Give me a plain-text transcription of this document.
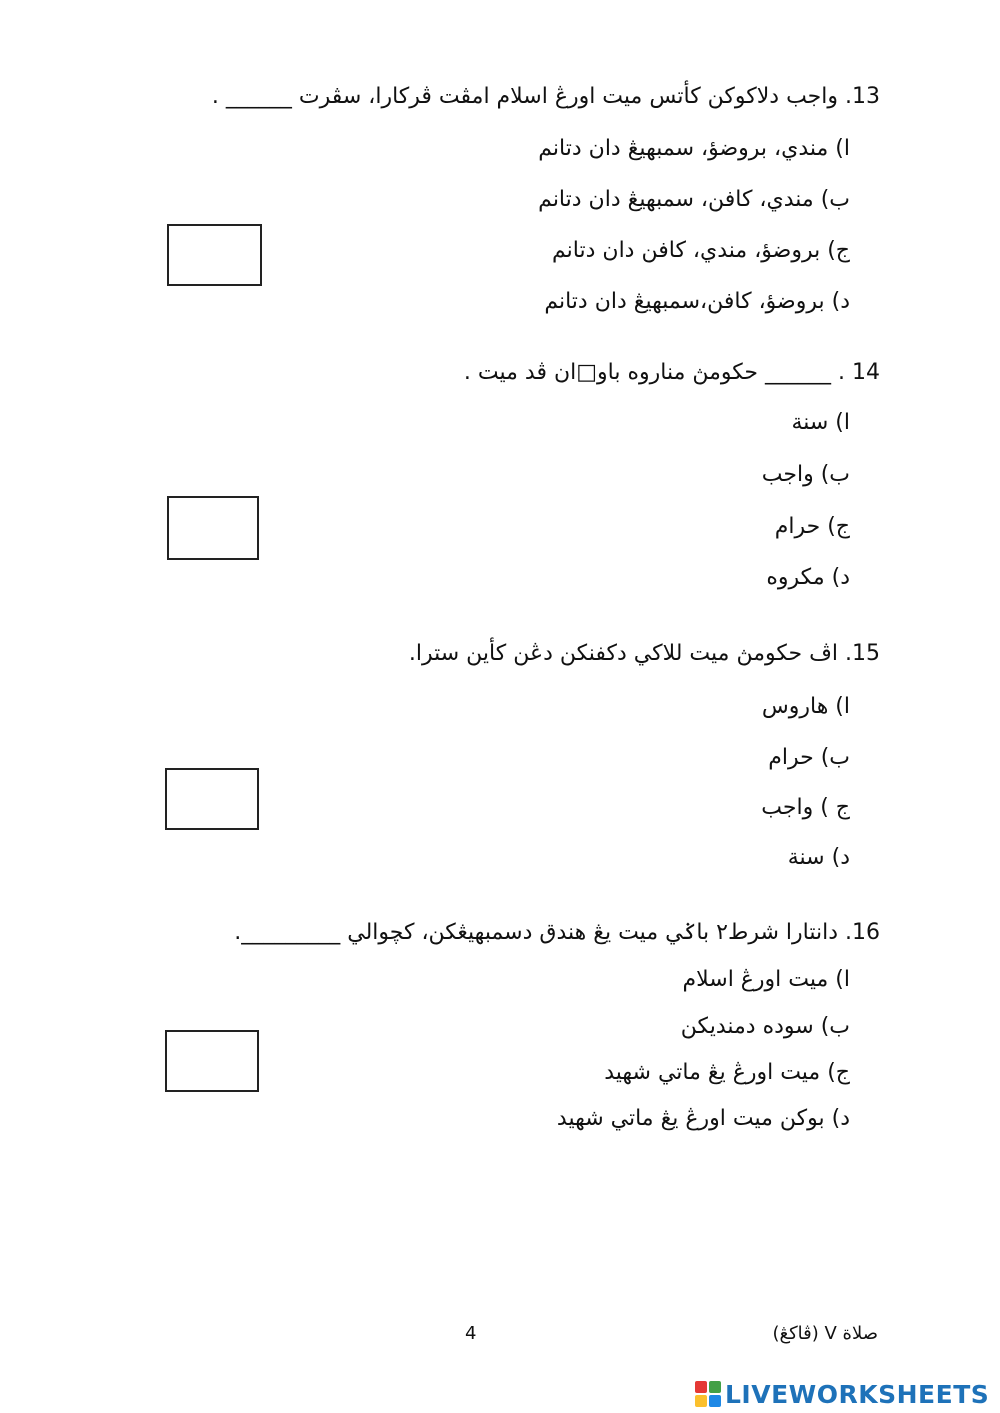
13. واجب دلاكوكن كأتس ميت اورڠ اسلام امڤت ڤركارا، سڤرت ______ .
ا) مندي، بروضؤ، سمبهيڠ دان دتانم
ب) مندي، كافن، سمبهيڠ دان دتانم
ج) بروضؤ، مندي، كافن دان دتانم
د) بروضؤ، كافن،سمبهيڠ دان دتانم
14 . ______ حكومڽ مناروه باو□ان ڤد ميت .
ا) سنة
ب) واجب
ج) حرام
د) مكروه
15. اڤ حكومڽ ميت للاكي دكفنكن دڠن كأين سترا.
ا) هاروس
ب) حرام
ج ) واجب
د) سنة
16. دانتارا شرط٢ باݢي ميت يڠ هندق دسمبهيڠكن، كچوالي _________.
ا) ميت اورڠ اسلام
ب) سوده دمنديكن
ج) ميت اورڠ يڠ ماتي شهيد
د) بوكن ميت اورڠ يڠ ماتي شهيد
4	صلاة V (ڤاكڠ)
LIVEWORKSHEETS
